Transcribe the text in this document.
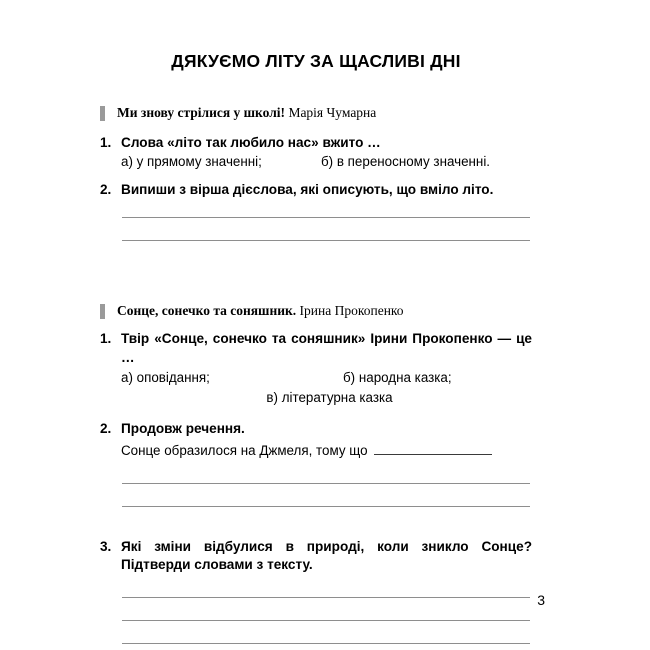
ДЯКУЄМО ЛІТУ ЗА ЩАСЛИВІ ДНІ
Ми знову стрілися у школі! Марія Чумарна
1. Слова «літо так любило нас» вжито …
а) у прямому значенні;	б) в переносному значенні.
2. Випиши з вірша дієслова, які описують, що вміло літо.
Сонце, сонечко та соняшник. Ірина Прокопенко
1. Твір «Сонце, сонечко та соняшник» Ірини Прокопенко — це …
а) оповідання;	б) народна казка;
в) літературна казка
2. Продовж речення.
Сонце образилося на Джмеля, тому що
3. Які зміни відбулися в природі, коли зникло Сонце? Підтверди словами з тексту.
3
